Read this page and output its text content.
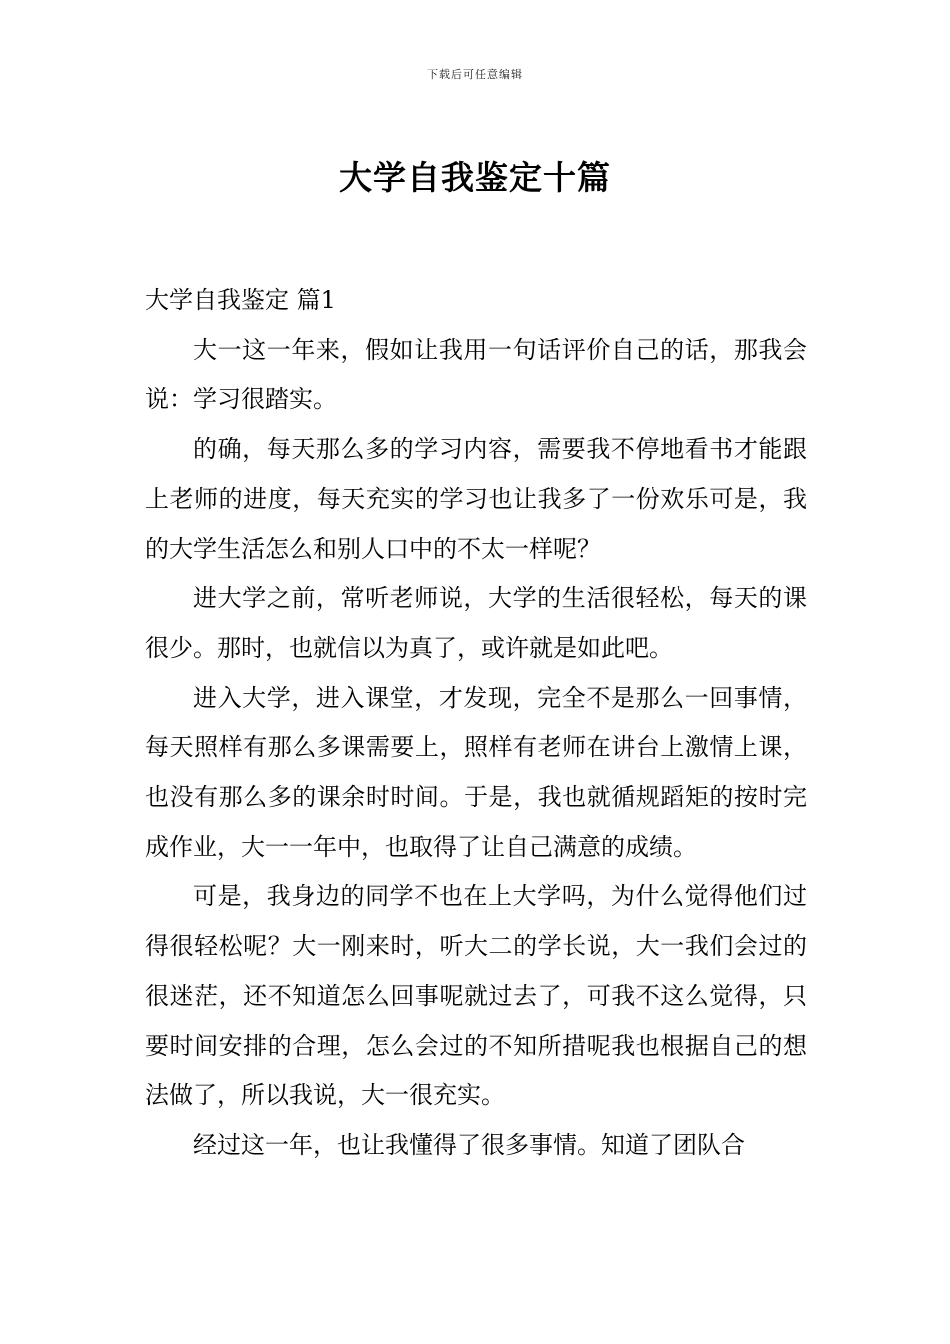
下载后可任意编辑
大学自我鉴定十篇
大学自我鉴定 篇1

大一这一年来，假如让我用一句话评价自己的话，那我会说：学习很踏实。

的确，每天那么多的学习内容，需要我不停地看书才能跟上老师的进度，每天充实的学习也让我多了一份欢乐可是，我的大学生活怎么和别人口中的不太一样呢？

进大学之前，常听老师说，大学的生活很轻松，每天的课很少。那时，也就信以为真了，或许就是如此吧。

进入大学，进入课堂，才发现，完全不是那么一回事情，每天照样有那么多课需要上，照样有老师在讲台上激情上课，也没有那么多的课余时时间。于是，我也就循规蹈矩的按时完成作业，大一一年中，也取得了让自己满意的成绩。

可是，我身边的同学不也在上大学吗，为什么觉得他们过得很轻松呢？大一刚来时，听大二的学长说，大一我们会过的很迷茫，还不知道怎么回事呢就过去了，可我不这么觉得，只要时间安排的合理，怎么会过的不知所措呢我也根据自己的想法做了，所以我说，大一很充实。

经过这一年，也让我懂得了很多事情。知道了团队合
